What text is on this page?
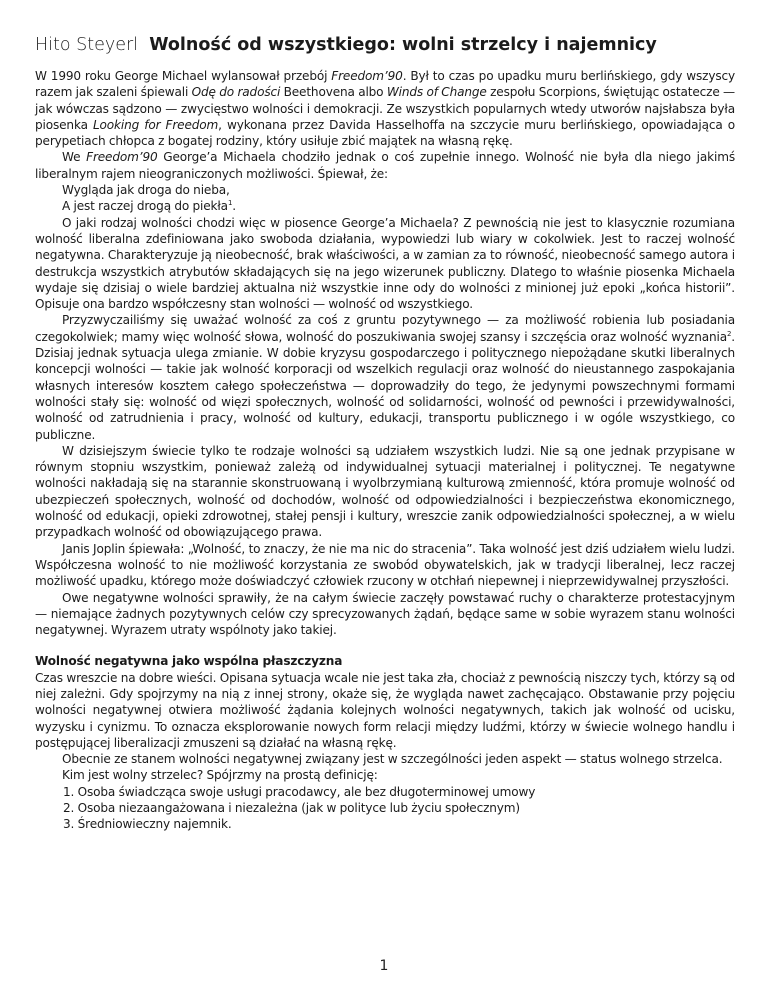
Hito Steyerl Wolność od wszystkiego: wolni strzelcy i najemnicy

W 1990 roku George Michael wylansował przebój Freedom’90. Był to czas po upadku muru berlińskiego, gdy wszyscy razem jak szaleni śpiewali Odę do radości Beethovena albo Winds of Change zespołu Scorpions, świętując ostatecze — jak wówczas sądzono — zwycięstwo wolności i demokracji. Ze wszystkich popularnych wtedy utworów najsłabsza była piosenka Looking for Freedom, wykonana przez Davida Hasselhoffa na szczycie muru berlińskiego, opowiadająca o perypetiach chłopca z bogatej rodziny, który usiłuje zbić majątek na własną rękę.

We Freedom’90 George’a Michaela chodziło jednak o coś zupełnie innego. Wolność nie była dla niego jakimś liberalnym rajem nieograniczonych możliwości. Śpiewał, że:

Wygląda jak droga do nieba,

A jest raczej drogą do piekła$^1$.

O jaki rodzaj wolności chodzi więc w piosence George’a Michaela? Z pewnością nie jest to klasycznie rozumiana wolność liberalna zdefiniowana jako swoboda działania, wypowiedzi lub wiary w cokolwiek. Jest to raczej wolność negatywna. Charakteryzuje ją nieobecność, brak właściwości, a w zamian za to równość, nieobecność samego autora i destrukcja wszystkich atrybutów składających się na jego wizerunek publiczny. Dlatego to właśnie piosenka Michaela wydaje się dzisiaj o wiele bardziej aktualna niż wszystkie inne ody do wolności z minionej już epoki „końca historii”. Opisuje ona bardzo współczesny stan wolności — wolność od wszystkiego.

Przyzwyczailiśmy się uważać wolność za coś z gruntu pozytywnego — za możliwość robienia lub posiadania czegokolwiek; mamy więc wolność słowa, wolność do poszukiwania swojej szansy i szczęścia oraz wolność wyznania$^2$. Dzisiaj jednak sytuacja ulega zmianie. W dobie kryzysu gospodarczego i politycznego niepożądane skutki liberalnych koncepcji wolności — takie jak wolność korporacji od wszelkich regulacji oraz wolność do nieustannego zaspokajania własnych interesów kosztem całego społeczeństwa — doprowadziły do tego, że jedynymi powszechnymi formami wolności stały się: wolność od więzi społecznych, wolność od solidarności, wolność od pewności i przewidywalności, wolność od zatrudnienia i pracy, wolność od kultury, edukacji, transportu publicznego i w ogóle wszystkiego, co publiczne.

W dzisiejszym świecie tylko te rodzaje wolności są udziałem wszystkich ludzi. Nie są one jednak przypisane w równym stopniu wszystkim, ponieważ zależą od indywidualnej sytuacji materialnej i politycznej. Te negatywne wolności nakładają się na starannie skonstruowaną i wyolbrzymianą kulturową zmienność, która promuje wolność od ubezpieczeń społecznych, wolność od dochodów, wolność od odpowiedzialności i bezpieczeństwa ekonomicznego, wolność od edukacji, opieki zdrowotnej, stałej pensji i kultury, wreszcie zanik odpowiedzialności społecznej, a w wielu przypadkach wolność od obowiązującego prawa.

Janis Joplin śpiewała: „Wolność, to znaczy, że nie ma nic do stracenia”. Taka wolność jest dziś udziałem wielu ludzi. Współczesna wolność to nie możliwość korzystania ze swobód obywatelskich, jak w tradycji liberalnej, lecz raczej możliwość upadku, którego może doświadczyć człowiek rzucony w otchłań niepewnej i nieprzewidywalnej przyszłości.

Owe negatywne wolności sprawiły, że na całym świecie zaczęły powstawać ruchy o charakterze protestacyjnym — niemające żadnych pozytywnych celów czy sprecyzowanych żądań, będące same w sobie wyrazem stanu wolności negatywnej. Wyrazem utraty wspólnoty jako takiej.

Wolność negatywna jako wspólna płaszczyzna

Czas wreszcie na dobre wieści. Opisana sytuacja wcale nie jest taka zła, chociaż z pewnością niszczy tych, którzy są od niej zależni. Gdy spojrzymy na nią z innej strony, okaże się, że wygląda nawet zachęcająco. Obstawanie przy pojęciu wolności negatywnej otwiera możliwość żądania kolejnych wolności negatywnych, takich jak wolność od ucisku, wyzysku i cynizmu. To oznacza eksplorowanie nowych form relacji między ludźmi, którzy w świecie wolnego handlu i postępującej liberalizacji zmuszeni są działać na własną rękę.

Obecnie ze stanem wolności negatywnej związany jest w szczególności jeden aspekt — status wolnego strzelca.

Kim jest wolny strzelec? Spójrzmy na prostą definicję:

1. Osoba świadcząca swoje usługi pracodawcy, ale bez długoterminowej umowy
2. Osoba niezaangażowana i niezależna (jak w polityce lub życiu społecznym)
3. Średniowieczny najemnik.
1
